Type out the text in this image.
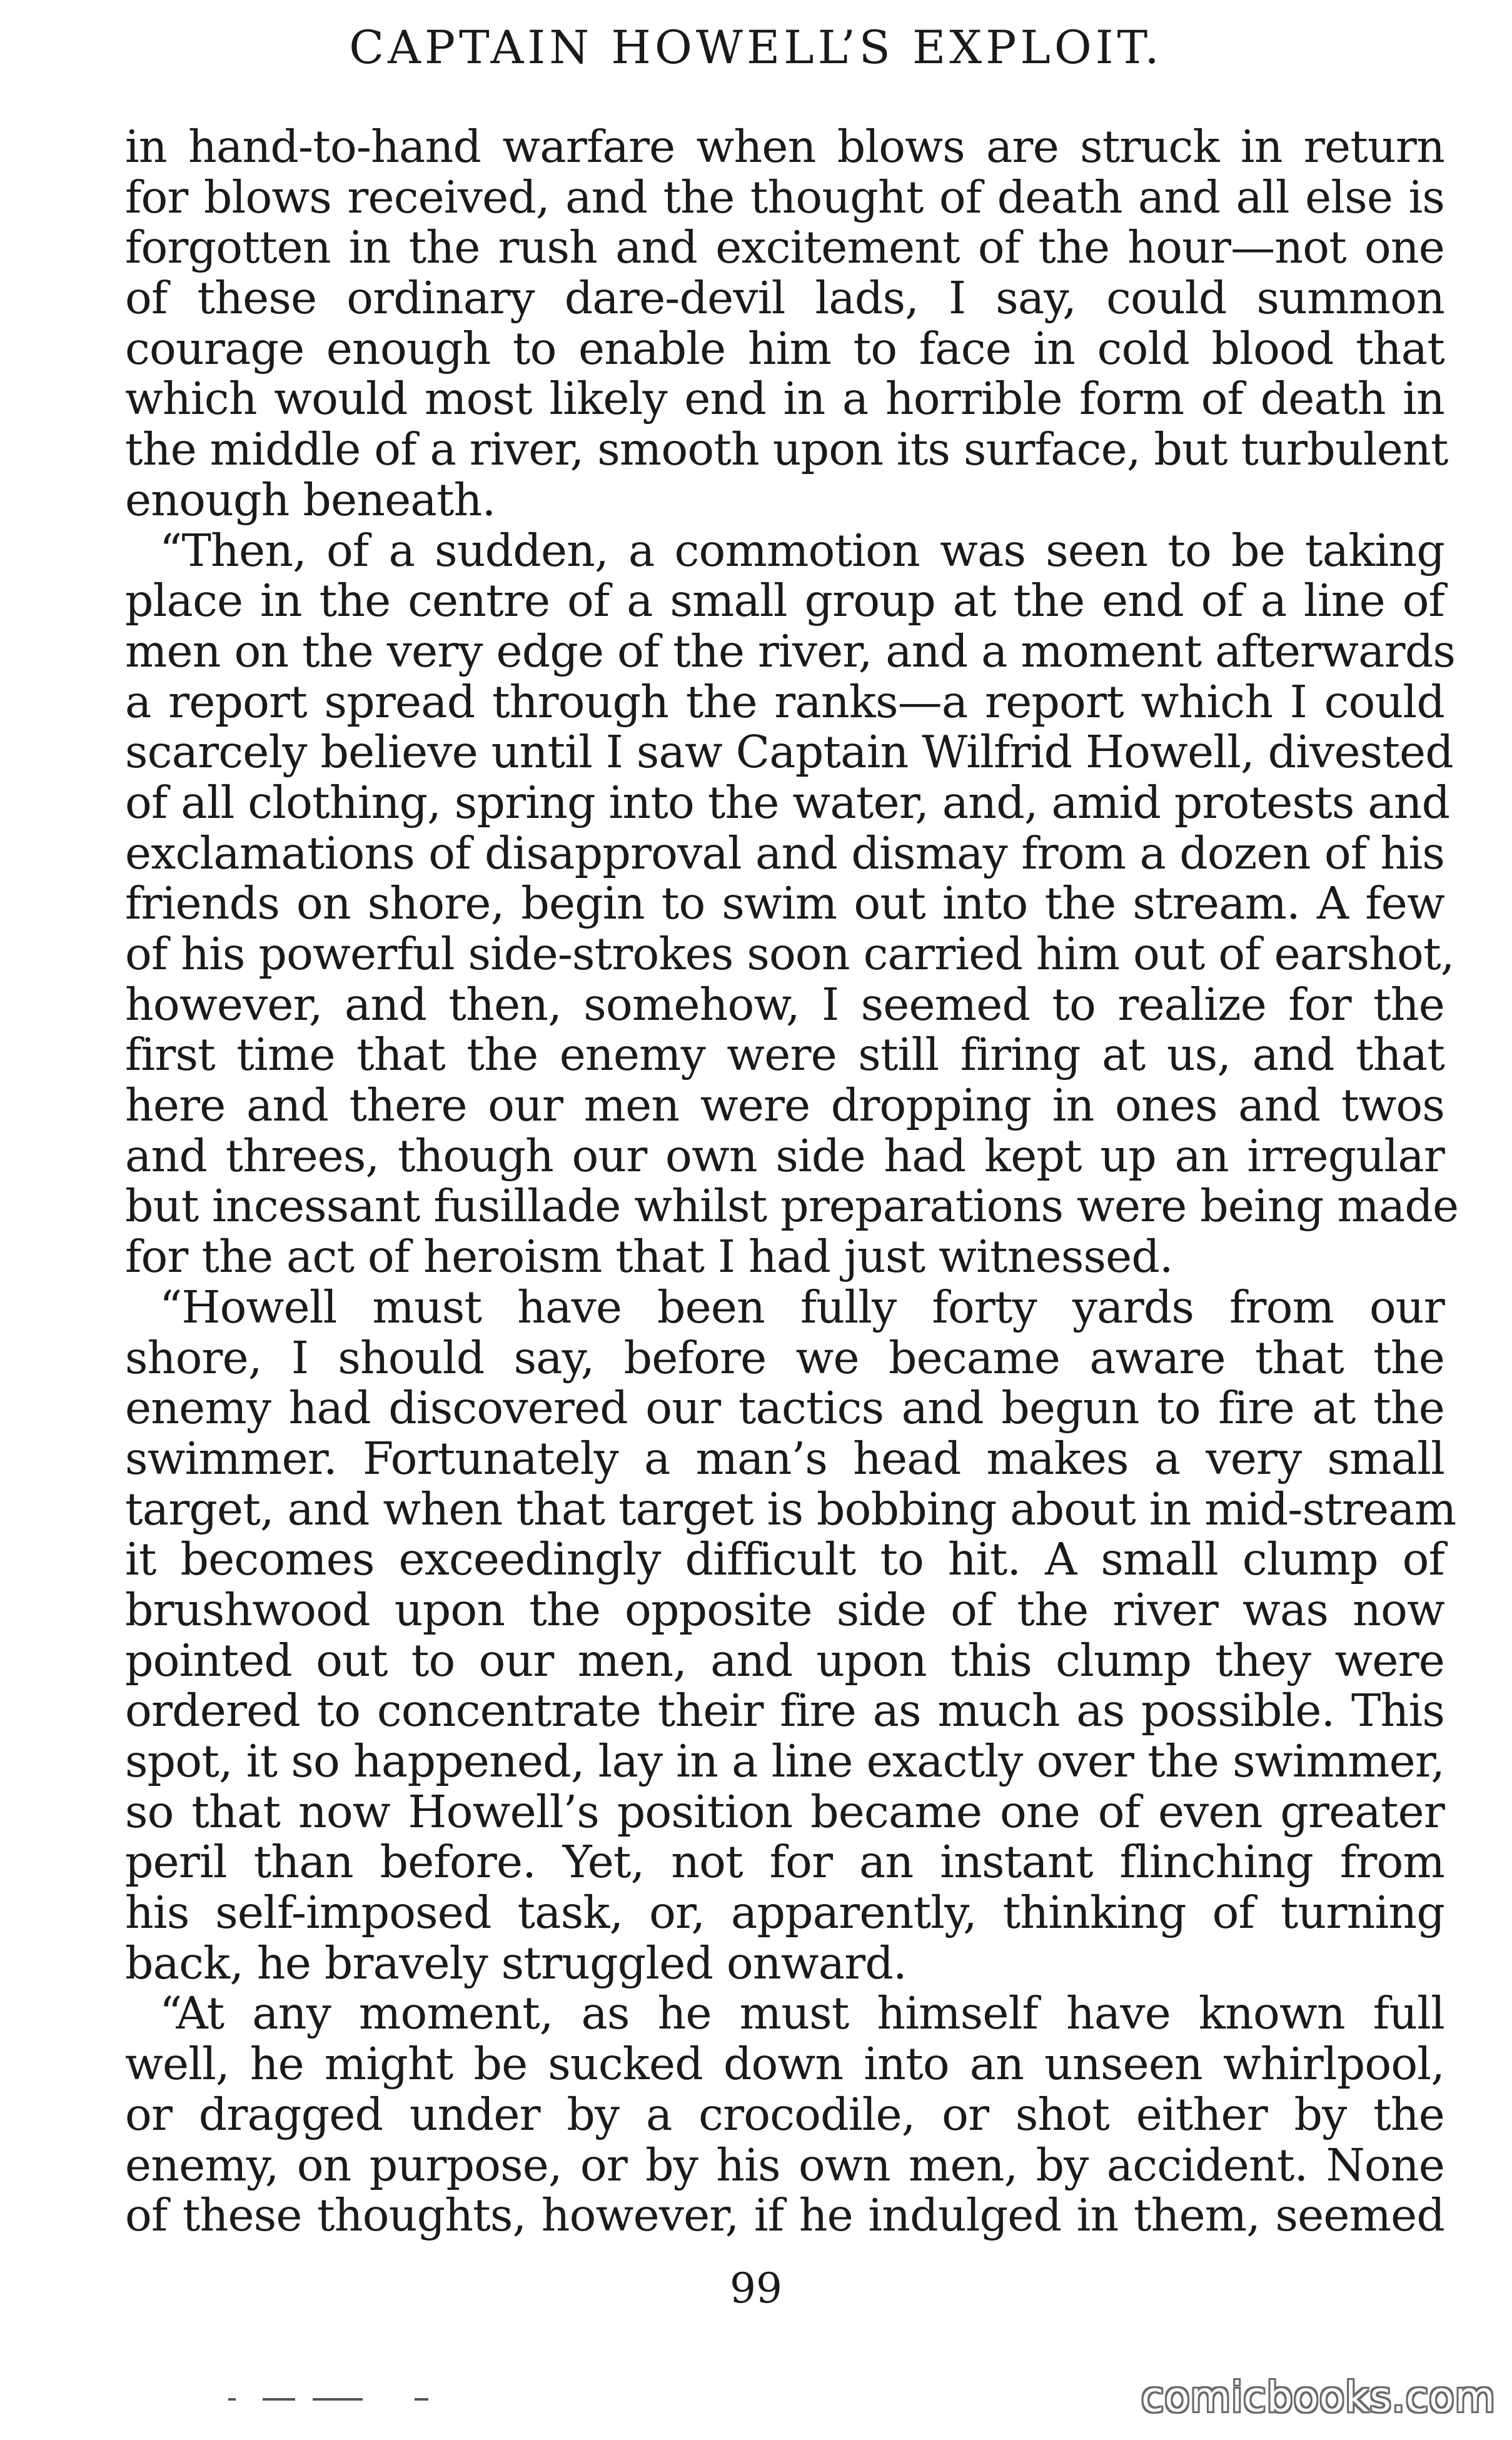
CAPTAIN HOWELL’S EXPLOIT.
in hand-to-hand warfare when blows are struck in return
for blows received, and the thought of death and all else is
forgotten in the rush and excitement of the hour—not one
of these ordinary dare-devil lads, I say, could summon
courage enough to enable him to face in cold blood that
which would most likely end in a horrible form of death in
the middle of a river, smooth upon its surface, but turbulent
enough beneath.
“Then, of a sudden, a commotion was seen to be taking
place in the centre of a small group at the end of a line of
men on the very edge of the river, and a moment afterwards
a report spread through the ranks—a report which I could
scarcely believe until I saw Captain Wilfrid Howell, divested
of all clothing, spring into the water, and, amid protests and
exclamations of disapproval and dismay from a dozen of his
friends on shore, begin to swim out into the stream. A few
of his powerful side-strokes soon carried him out of earshot,
however, and then, somehow, I seemed to realize for the
first time that the enemy were still firing at us, and that
here and there our men were dropping in ones and twos
and threes, though our own side had kept up an irregular
but incessant fusillade whilst preparations were being made
for the act of heroism that I had just witnessed.
“Howell must have been fully forty yards from our
shore, I should say, before we became aware that the
enemy had discovered our tactics and begun to fire at the
swimmer. Fortunately a man’s head makes a very small
target, and when that target is bobbing about in mid-stream
it becomes exceedingly difficult to hit. A small clump of
brushwood upon the opposite side of the river was now
pointed out to our men, and upon this clump they were
ordered to concentrate their fire as much as possible. This
spot, it so happened, lay in a line exactly over the swimmer,
so that now Howell’s position became one of even greater
peril than before. Yet, not for an instant flinching from
his self-imposed task, or, apparently, thinking of turning
back, he bravely struggled onward.
“At any moment, as he must himself have known full
well, he might be sucked down into an unseen whirlpool,
or dragged under by a crocodile, or shot either by the
enemy, on purpose, or by his own men, by accident. None
of these thoughts, however, if he indulged in them, seemed
99
comicbooks.com
